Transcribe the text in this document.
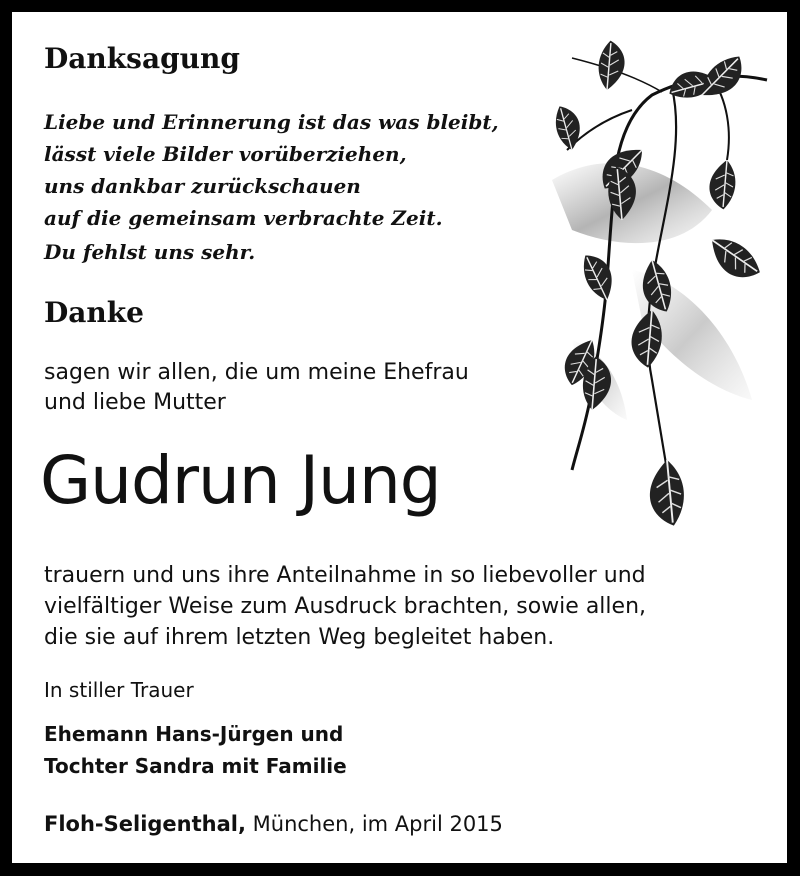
Danksagung
Liebe und Erinnerung ist das was bleibt,
lässt viele Bilder vorüberziehen,
uns dankbar zurückschauen
auf die gemeinsam verbrachte Zeit.
Du fehlst uns sehr.
Danke
sagen wir allen, die um meine Ehefrau
und liebe Mutter
Gudrun Jung
trauern und uns ihre Anteilnahme in so liebevoller und
vielfältiger Weise zum Ausdruck brachten, sowie allen,
die sie auf ihrem letzten Weg begleitet haben.
In stiller Trauer
Ehemann Hans-Jürgen und
Tochter Sandra mit Familie
Floh-Seligenthal, München, im April 2015
